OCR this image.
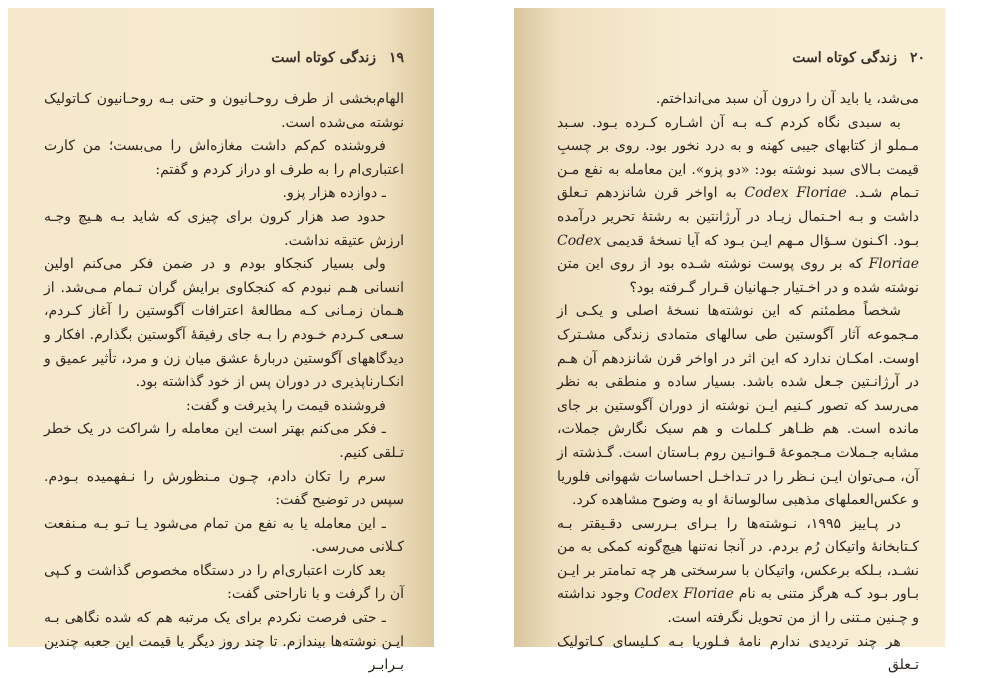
۱۹ زندگی کوتاه است

الهام‌بخشی از طرف روحـانیون و حتی بـه روحـانیون کـاتولیک نوشته می‌شده است.

فروشنده کم‌کم داشت مغازه‌اش را می‌بست؛ من کارت اعتباری‌ام را به طرف او دراز کردم و گفتم:

ـ دوازده هزار پزو.

حدود صد هزار کرون برای چیزی که شاید بـه هـیچ وجـه ارزش عتیقه نداشت.

ولی بسیار کنجکاو بودم و در ضمن فکر می‌کنم اولین انسانی هـم نبودم که کنجکاوی برایش گران تـمام مـی‌شد. از هـمان زمـانی کـه مطالعهٔ اعترافات آگوستین را آغاز کـردم، سـعی کـردم خـودم را بـه جای رفیقهٔ آگوستین بگذارم. افکار و دیدگاههای آگوستین دربارهٔ عشق میان زن و مرد، تأثیر عمیق و انکـارناپذیری در دوران پس از خود گذاشته بود.

فروشنده قیمت را پذیرفت و گفت:

ـ فکر می‌کنم بهتر است این معامله را شراکت در یک خطر تـلقی کنیم.

سرم را تکان دادم، چـون مـنظورش را نـفهمیده بـودم. سپس در توضیح گفت:

ـ این معامله یا به نفع من تمام می‌شود یـا تـو بـه مـنفعت کـلانی می‌رسی.

بعد کارت اعتباری‌ام را در دستگاه مخصوص گذاشت و کـپی آن را گرفت و با ناراحتی گفت:

ـ حتی فرصت نکردم برای یک مرتبه هم که شده نگاهی بـه ایـن نوشته‌ها بیندازم. تا چند روز دیگر یا قیمت این جعبه چندین بـرابـر

۲۰ زندگی کوتاه است

می‌شد، یا باید آن را درون آن سبد می‌انداختم.

به سبدی نگاه کردم کـه بـه آن اشـاره کـرده بـود. سـبد مـملو از کتابهای جیبی کهنه و به درد نخور بود. روی بر چسبِ قیمت بـالای سبد نوشته بود: «دو پزو». این معامله به نفع مـن تـمام شـد. Codex Floriae به اواخر قرن شانزدهم تـعلق داشت و بـه احـتمال زیـاد در آرژانتین به رشتهٔ تحریر درآمده بـود. اکـنون سـؤال مـهم ایـن بـود که آیا نسخهٔ قدیمی Codex Floriae که بر روی پوست نوشته شـده بود از روی این متن نوشته شده و در اخـتیار جـهانیان قـرار گـرفته بود؟

شخصاً مطمئنم که این نوشته‌ها نسخهٔ اصلی و یکـی از مـجموعه آثار آگوستین طی سالهای متمادی زندگی مشـترک اوست. امکـان ندارد که این اثر در اواخر قرن شانزدهم آن هـم در آرژانـتین جـعل شده باشد. بسیار ساده و منطقی به نظر می‌رسد که تصور کـنیم ایـن نوشته از دوران آگوستین بر جای مانده است. هم ظـاهر کـلمات و هم سبک نگارش جملات، مشابه جـملات مـجموعهٔ قـوانـین روم بـاستان است. گـذشته از آن، مـی‌توان ایـن نـظر را در تـداخـل احساسات شهوانی فلوریا و عکس‌العملهای مذهبی سالوسانهٔ او به وضوح مشاهده کرد.

در پـاییز ۱۹۹۵، نـوشته‌ها را بـرای بـررسی دقـیقتر بـه کـتابخانهٔ واتیکان رُم بردم. در آنجا نه‌تنها هیچ‌گونه کمکی به من نشـد، بـلکه برعکس، واتیکان با سرسختی هر چه تمامتر بر ایـن بـاور بـود کـه هرگز متنی به نام Codex Floriae وجود نداشته و چـنین مـتنی را از من تحویل نگرفته است.

هر چند تردیدی ندارم نامهٔ فـلوریا بـه کـلیسای کـاتولیک تـعلق
